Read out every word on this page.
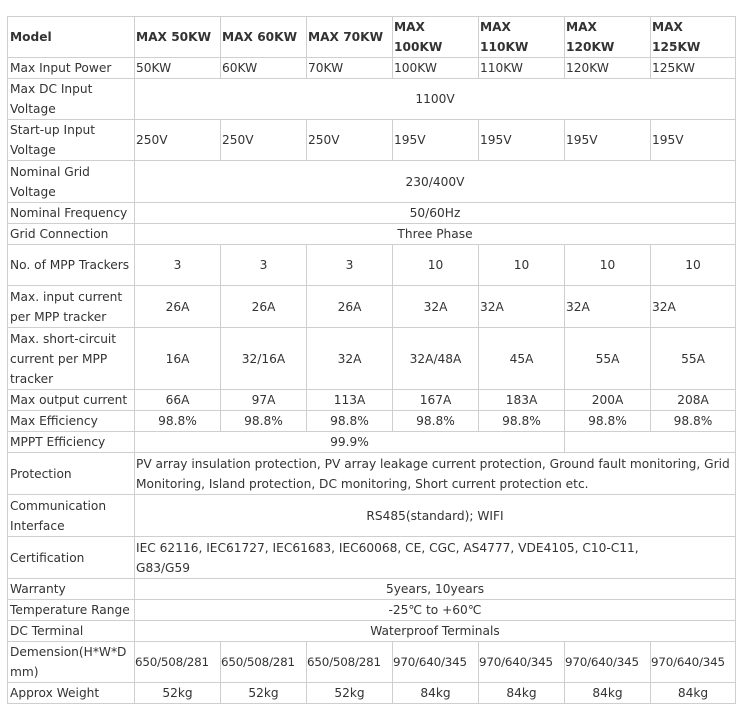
Model	MAX 50KW	MAX 60KW	MAX 70KW	MAX 100KW	MAX 110KW	MAX 120KW	MAX 125KW
Max Input Power	50KW	60KW	70KW	100KW	110KW	120KW	125KW
Max DC Input Voltage	1100V						
Start-up Input Voltage	250V	250V	250V	195V	195V	195V	195V
Nominal Grid Voltage	230/400V						
Nominal Frequency	50/60Hz						
Grid Connection	Three Phase						
No. of MPP Trackers	3	3	3	10	10	10	10
Max. input current per MPP tracker	26A	26A	26A	32A	32A	32A	32A
Max. short-circuit current per MPP tracker	16A	32/16A	32A	32A/48A	45A	55A	55A
Max output current	66A	97A	113A	167A	183A	200A	208A
Max Efficiency	98.8%	98.8%	98.8%	98.8%	98.8%	98.8%	98.8%
MPPT Efficiency	99.9%						
Protection	PV array insulation protection, PV array leakage current protection, Ground fault monitoring, Grid Monitoring, Island protection, DC monitoring, Short current protection etc.						
Communication Interface	RS485(standard); WIFI						
Certification	IEC 62116, IEC61727, IEC61683, IEC60068, CE, CGC, AS4777, VDE4105, C10-C11, G83/G59						
Warranty	5years, 10years						
Temperature Range	-25℃ to +60℃						
DC Terminal	Waterproof Terminals						
Demension(H*W*D mm)	650/508/281	650/508/281	650/508/281	970/640/345	970/640/345	970/640/345	970/640/345
Approx Weight	52kg	52kg	52kg	84kg	84kg	84kg	84kg
